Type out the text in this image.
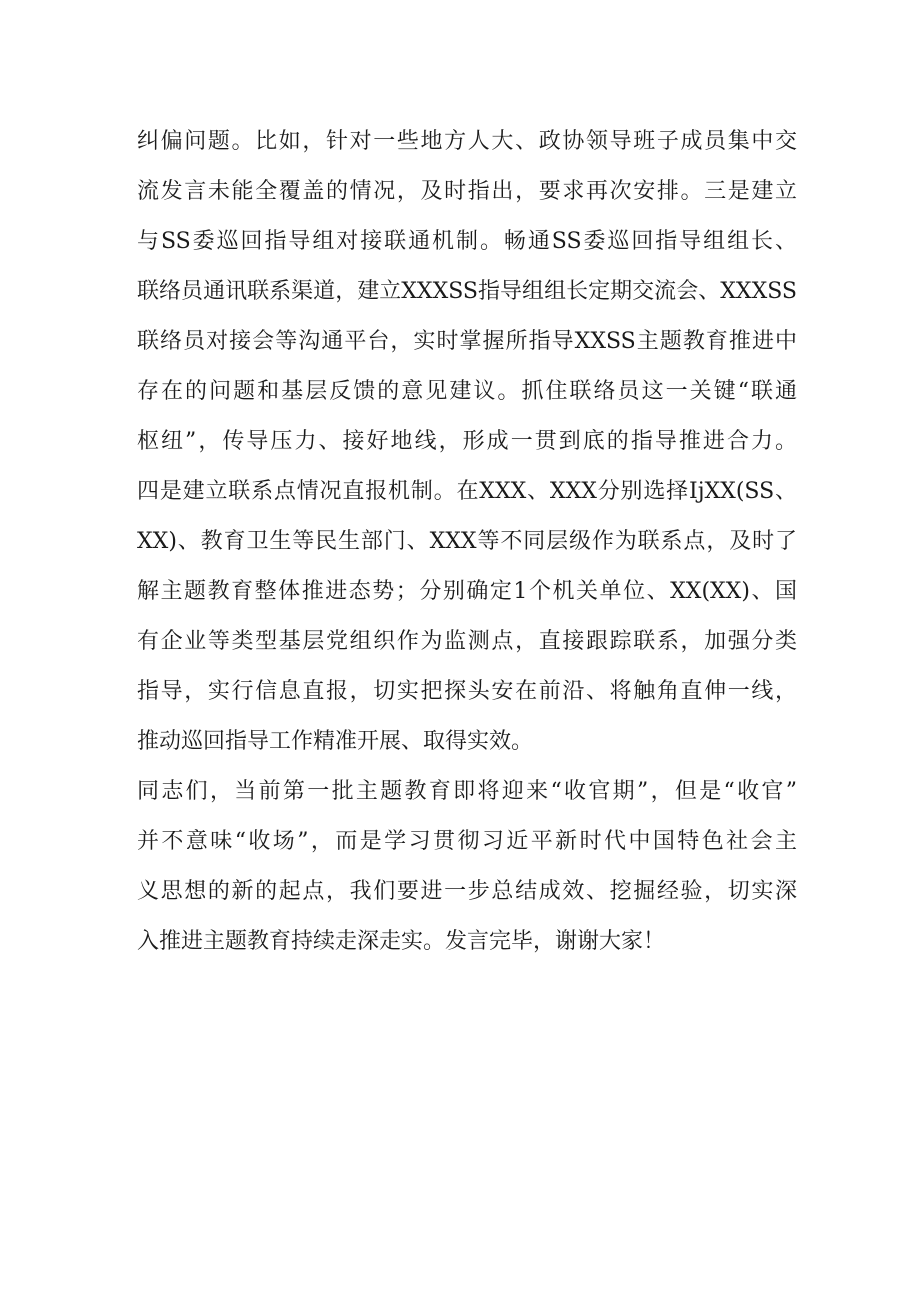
纠偏问题。比如，针对一些地方人大、政协领导班子成员集中交
流发言未能全覆盖的情况，及时指出，要求再次安排。三是建立
与SS委巡回指导组对接联通机制。畅通SS委巡回指导组组长、
联络员通讯联系渠道，建立XXXSS指导组组长定期交流会、XXXSS
联络员对接会等沟通平台，实时掌握所指导XXSS主题教育推进中
存在的问题和基层反馈的意见建议。抓住联络员这一关键“联通
枢纽”，传导压力、接好地线，形成一贯到底的指导推进合力。
四是建立联系点情况直报机制。在XXX、XXX分别选择IjXX(SS、
XX)、教育卫生等民生部门、XXX等不同层级作为联系点，及时了
解主题教育整体推进态势；分别确定1个机关单位、XX(XX)、国
有企业等类型基层党组织作为监测点，直接跟踪联系，加强分类
指导，实行信息直报，切实把探头安在前沿、将触角直伸一线，
推动巡回指导工作精准开展、取得实效。
同志们，当前第一批主题教育即将迎来“收官期”，但是“收官”
并不意味“收场”，而是学习贯彻习近平新时代中国特色社会主
义思想的新的起点，我们要进一步总结成效、挖掘经验，切实深
入推进主题教育持续走深走实。发言完毕，谢谢大家！
